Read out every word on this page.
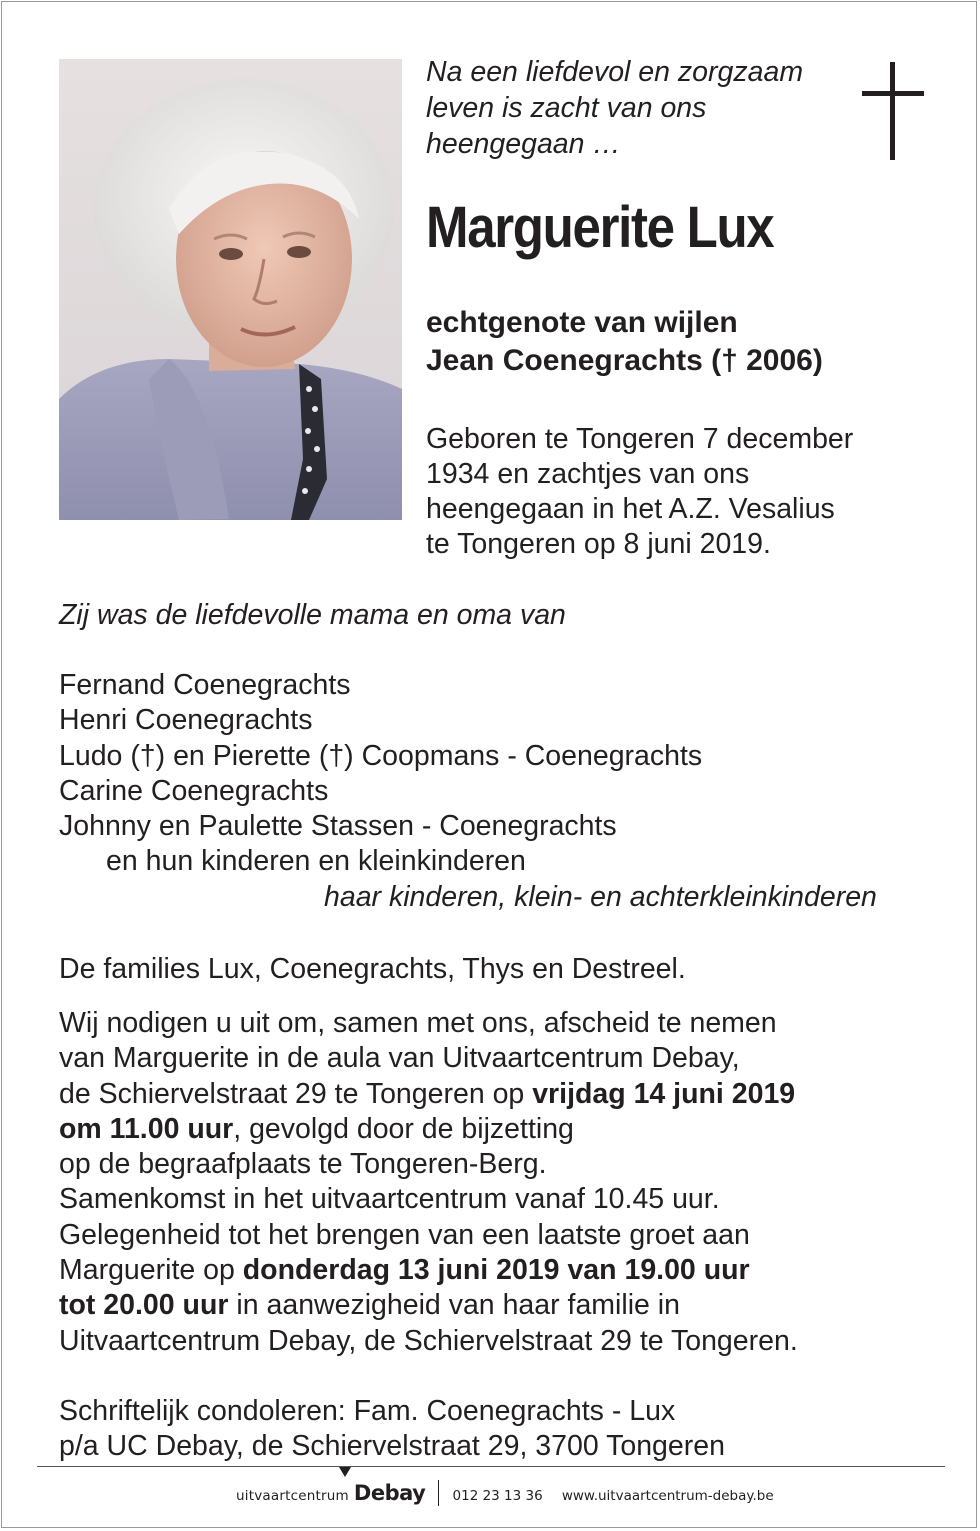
Na een liefdevol en zorgzaam
leven is zacht van ons
heengegaan …
Marguerite Lux
echtgenote van wijlen
Jean Coenegrachts († 2006)
Geboren te Tongeren 7 december
1934 en zachtjes van ons
heengegaan in het A.Z. Vesalius
te Tongeren op 8 juni 2019.
Zij was de liefdevolle mama en oma van
Fernand Coenegrachts
Henri Coenegrachts
Ludo (†) en Pierette (†) Coopmans - Coenegrachts
Carine Coenegrachts
Johnny en Paulette Stassen - Coenegrachts
en hun kinderen en kleinkinderen
haar kinderen, klein- en achterkleinkinderen
De families Lux, Coenegrachts, Thys en Destreel.
Wij nodigen u uit om, samen met ons, afscheid te nemen
van Marguerite in de aula van Uitvaartcentrum Debay,
de Schiervelstraat 29 te Tongeren op vrijdag 14 juni 2019
om 11.00 uur, gevolgd door de bijzetting
op de begraafplaats te Tongeren-Berg.
Samenkomst in het uitvaartcentrum vanaf 10.45 uur.
Gelegenheid tot het brengen van een laatste groet aan
Marguerite op donderdag 13 juni 2019 van 19.00 uur
tot 20.00 uur in aanwezigheid van haar familie in
Uitvaartcentrum Debay, de Schiervelstraat 29 te Tongeren.
Schriftelijk condoleren: Fam. Coenegrachts - Lux
p/a UC Debay, de Schiervelstraat 29, 3700 Tongeren
uitvaartcentrum Debay 012 23 13 36 www.uitvaartcentrum-debay.be
